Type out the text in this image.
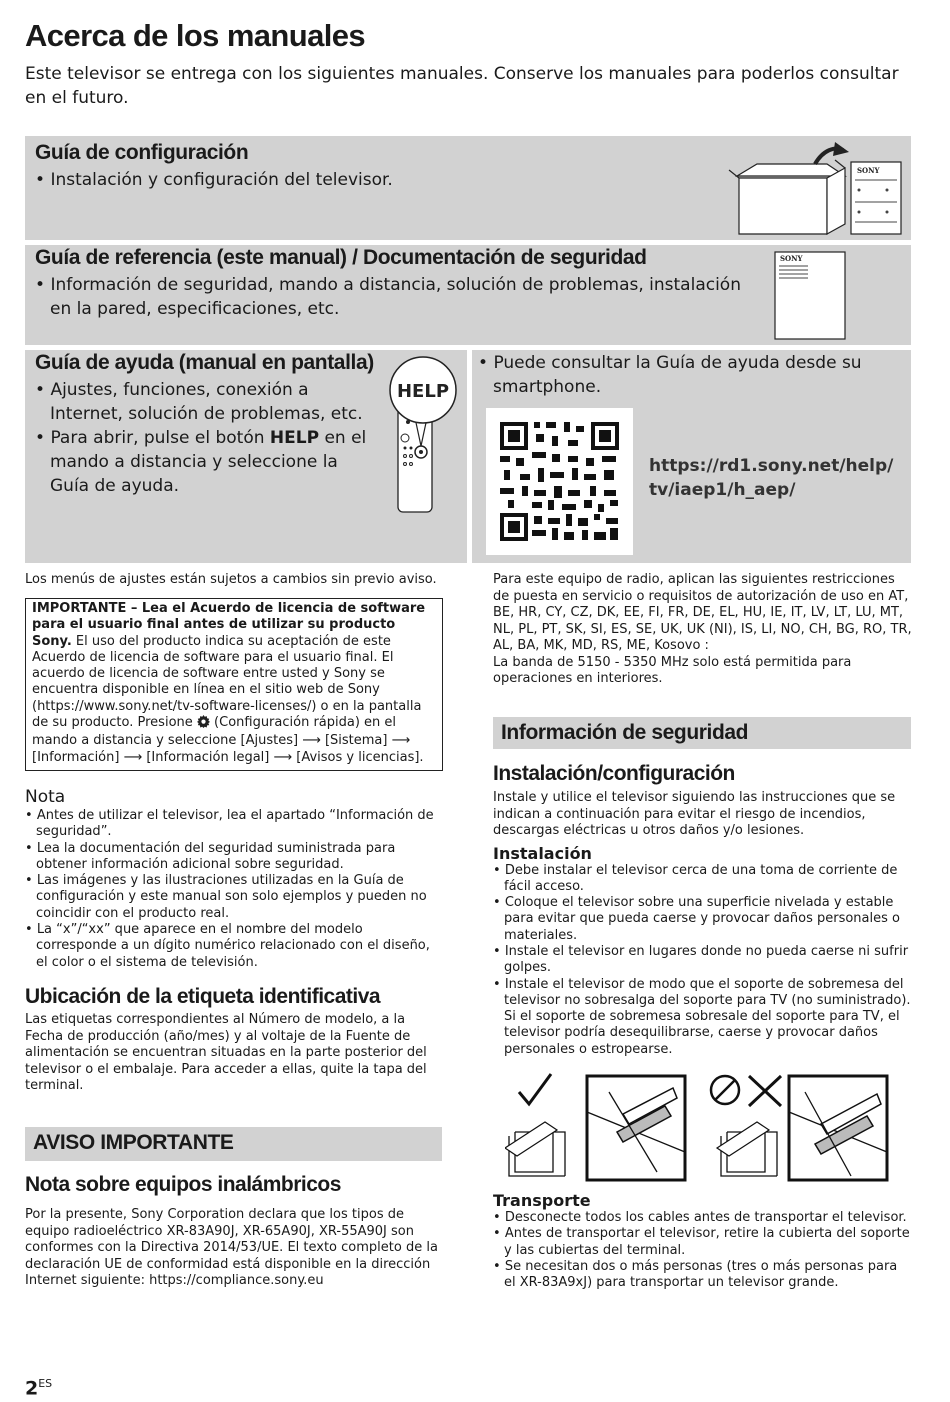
Acerca de los manuales
Este televisor se entrega con los siguientes manuales. Conserve los manuales para poderlos consultar en el futuro.
Guía de configuración
• Instalación y configuración del televisor.	SONY
Guía de referencia (este manual) / Documentación de seguridad
• Información de seguridad, mando a distancia, solución de problemas, instalación en la pared, especificaciones, etc.
SONY
Guía de ayuda (manual en pantalla)
• Ajustes, funciones, conexión a Internet, solución de problemas, etc.
• Para abrir, pulse el botón HELP en el mando a distancia y seleccione la Guía de ayuda.
HELP
• Puede consultar la Guía de ayuda desde su smartphone.
https://rd1.sony.net/help/tv/iaep1/h_aep/
Los menús de ajustes están sujetos a cambios sin previo aviso.
IMPORTANTE – Lea el Acuerdo de licencia de software para el usuario final antes de utilizar su producto Sony. El uso del producto indica su aceptación de este Acuerdo de licencia de software para el usuario final. El acuerdo de licencia de software entre usted y Sony se encuentra disponible en línea en el sitio web de Sony (https://www.sony.net/tv-software-licenses/) o en la pantalla de su producto. Presione  (Configuración rápida) en el mando a distancia y seleccione [Ajustes] ⟶ [Sistema] ⟶ [Información] ⟶ [Información legal] ⟶ [Avisos y licencias].
Nota
• Antes de utilizar el televisor, lea el apartado “Información de seguridad”.
• Lea la documentación del seguridad suministrada para obtener información adicional sobre seguridad.
• Las imágenes y las ilustraciones utilizadas en la Guía de configuración y este manual son solo ejemplos y pueden no coincidir con el producto real.
• La “x”/“xx” que aparece en el nombre del modelo corresponde a un dígito numérico relacionado con el diseño, el color o el sistema de televisión.
Ubicación de la etiqueta identificativa
Las etiquetas correspondientes al Número de modelo, a la Fecha de producción (año/mes) y al voltaje de la Fuente de alimentación se encuentran situadas en la parte posterior del televisor o el embalaje. Para acceder a ellas, quite la tapa del terminal.
AVISO IMPORTANTE
Nota sobre equipos inalámbricos
Por la presente, Sony Corporation declara que los tipos de equipo radioeléctrico XR-83A90J, XR-65A90J, XR-55A90J son conformes con la Directiva 2014/53/UE. El texto completo de la declaración UE de conformidad está disponible en la dirección Internet siguiente: https://compliance.sony.eu
Para este equipo de radio, aplican las siguientes restricciones de puesta en servicio o requisitos de autorización de uso en AT, BE, HR, CY, CZ, DK, EE, FI, FR, DE, EL, HU, IE, IT, LV, LT, LU, MT, NL, PL, PT, SK, SI, ES, SE, UK, UK (NI), IS, LI, NO, CH, BG, RO, TR, AL, BA, MK, MD, RS, ME, Kosovo :
La banda de 5150 - 5350 MHz solo está permitida para operaciones en interiores.
Información de seguridad
Instalación/configuración
Instale y utilice el televisor siguiendo las instrucciones que se indican a continuación para evitar el riesgo de incendios, descargas eléctricas u otros daños y/o lesiones.
Instalación
• Debe instalar el televisor cerca de una toma de corriente de fácil acceso.
• Coloque el televisor sobre una superficie nivelada y estable para evitar que pueda caerse y provocar daños personales o materiales.
• Instale el televisor en lugares donde no pueda caerse ni sufrir golpes.
• Instale el televisor de modo que el soporte de sobremesa del televisor no sobresalga del soporte para TV (no suministrado). Si el soporte de sobremesa sobresale del soporte para TV, el televisor podría desequilibrarse, caerse y provocar daños personales o estropearse.
Transporte
• Desconecte todos los cables antes de transportar el televisor.
• Antes de transportar el televisor, retire la cubierta del soporte y las cubiertas del terminal.
• Se necesitan dos o más personas (tres o más personas para el XR-83A9xJ) para transportar un televisor grande.
$2^{ES}$
